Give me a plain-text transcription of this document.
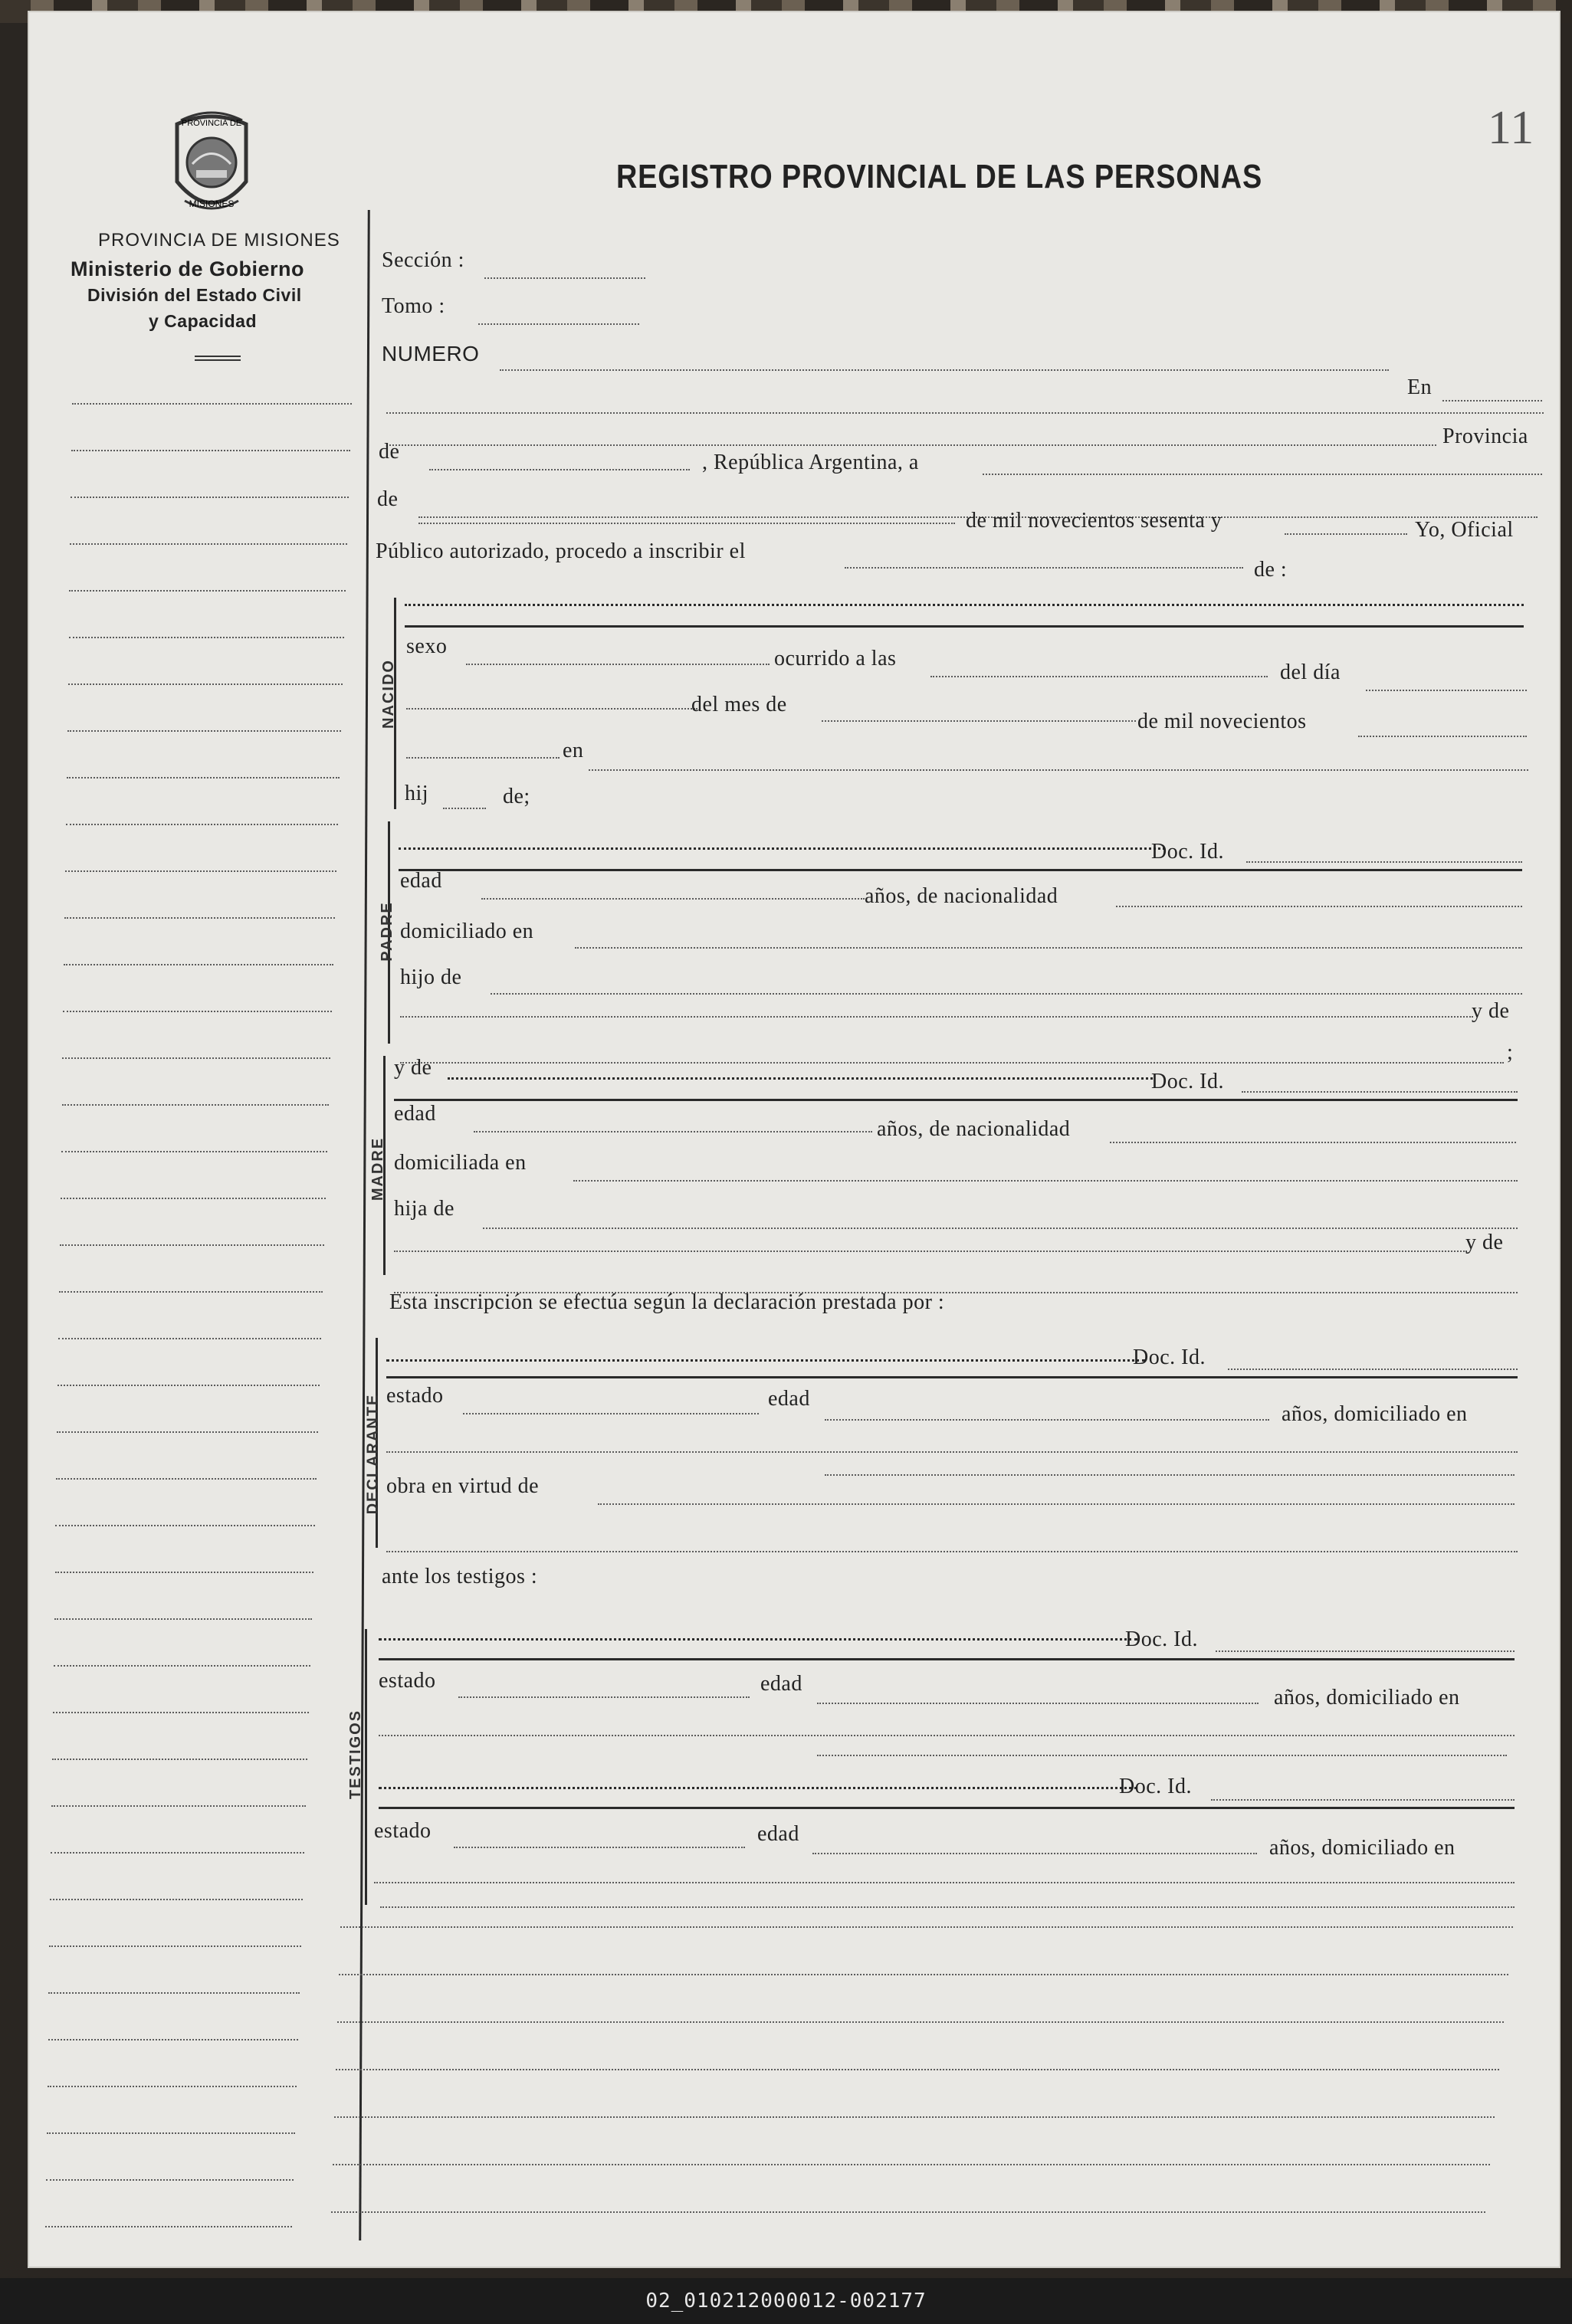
11
PROVINCIA DE
MISIONES
PROVINCIA DE MISIONES
Ministerio de Gobierno
División del Estado Civil
y Capacidad
REGISTRO PROVINCIAL DE LAS PERSONAS
Sección :
Tomo :
NUMERO
En
Provincia
de	, República Argentina, a
de
de mil novecientos sesenta y	Yo, Oficial
Público autorizado, procedo a inscribir el
de :
NACIDO
sexo
ocurrido a las
del día
del mes de
de mil novecientos
en
hij	de;
PADRE
Doc. Id.
edad
años, de nacionalidad
domiciliado en
hijo de
y de
;
MADRE
y de
Doc. Id.
edad
años, de nacionalidad
domiciliada en
hija de
y de
Esta inscripción se efectúa según la declaración prestada por :
DECLARANTE
Doc. Id.
estado	edad
años, domiciliado en
obra en virtud de
ante los testigos :
TESTIGOS
Doc. Id.
estado	edad
años, domiciliado en
Doc. Id.
estado	edad
años, domiciliado en
02_010212000012-002177
